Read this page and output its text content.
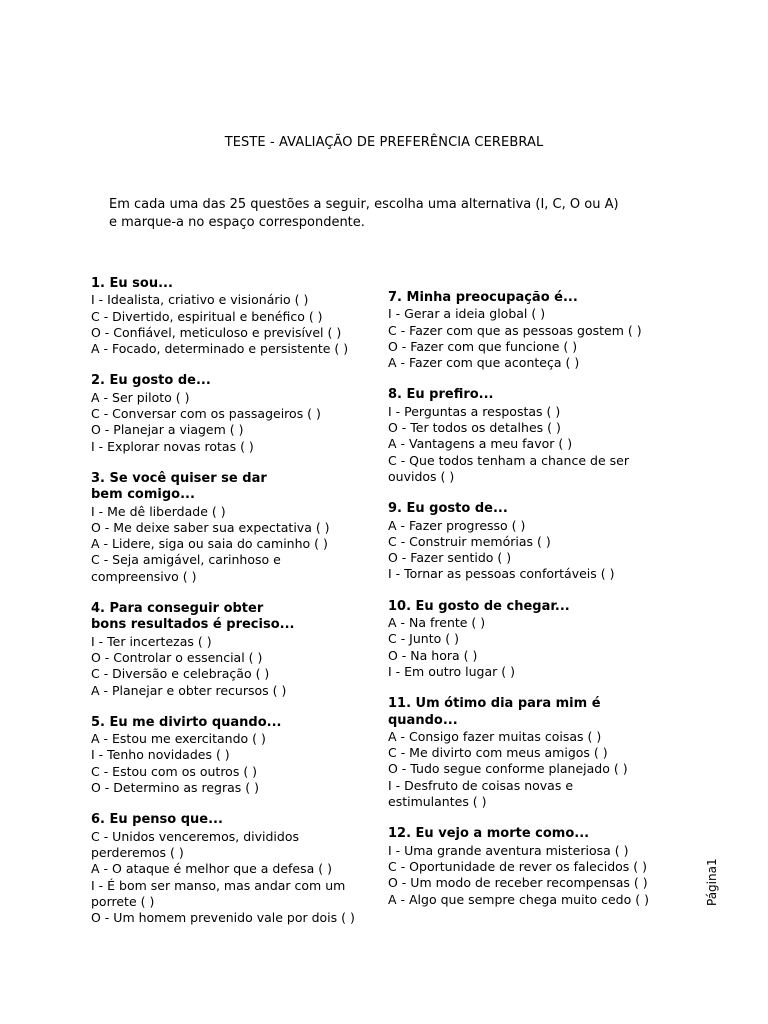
TESTE - AVALIAÇÃO DE PREFERÊNCIA CEREBRAL
Em cada uma das 25 questões a seguir, escolha uma alternativa (I, C, O ou A) e marque-a no espaço correspondente.
1. Eu sou...
I - Idealista, criativo e visionário ( )
C - Divertido, espiritual e benéfico ( )
O - Confiável, meticuloso e previsível ( )
A - Focado, determinado e persistente ( )
2. Eu gosto de...
A - Ser piloto ( )
C - Conversar com os passageiros ( )
O - Planejar a viagem ( )
I - Explorar novas rotas ( )
3. Se você quiser se dar
bem comigo...
I - Me dê liberdade ( )
O - Me deixe saber sua expectativa ( )
A - Lidere, siga ou saia do caminho ( )
C - Seja amigável, carinhoso e
compreensivo ( )
4. Para conseguir obter
bons resultados é preciso...
I - Ter incertezas ( )
O - Controlar o essencial ( )
C - Diversão e celebração ( )
A - Planejar e obter recursos ( )
5. Eu me divirto quando...
A - Estou me exercitando ( )
I - Tenho novidades ( )
C - Estou com os outros ( )
O - Determino as regras ( )
6. Eu penso que...
C - Unidos venceremos, divididos
perderemos ( )
A - O ataque é melhor que a defesa ( )
I - É bom ser manso, mas andar com um
porrete ( )
O - Um homem prevenido vale por dois ( )
7. Minha preocupação é...
I - Gerar a ideia global ( )
C - Fazer com que as pessoas gostem ( )
O - Fazer com que funcione ( )
A - Fazer com que aconteça ( )
8. Eu prefiro...
I - Perguntas a respostas ( )
O - Ter todos os detalhes ( )
A - Vantagens a meu favor ( )
C - Que todos tenham a chance de ser
ouvidos ( )
9. Eu gosto de...
A - Fazer progresso ( )
C - Construir memórias ( )
O - Fazer sentido ( )
I - Tornar as pessoas confortáveis ( )
10. Eu gosto de chegar...
A - Na frente ( )
C - Junto ( )
O - Na hora ( )
I - Em outro lugar ( )
11. Um ótimo dia para mim é
quando...
A - Consigo fazer muitas coisas ( )
C - Me divirto com meus amigos ( )
O - Tudo segue conforme planejado ( )
I - Desfruto de coisas novas e
estimulantes ( )
12. Eu vejo a morte como...
I - Uma grande aventura misteriosa ( )
C - Oportunidade de rever os falecidos ( )
O - Um modo de receber recompensas ( )
A - Algo que sempre chega muito cedo ( )	Página1
